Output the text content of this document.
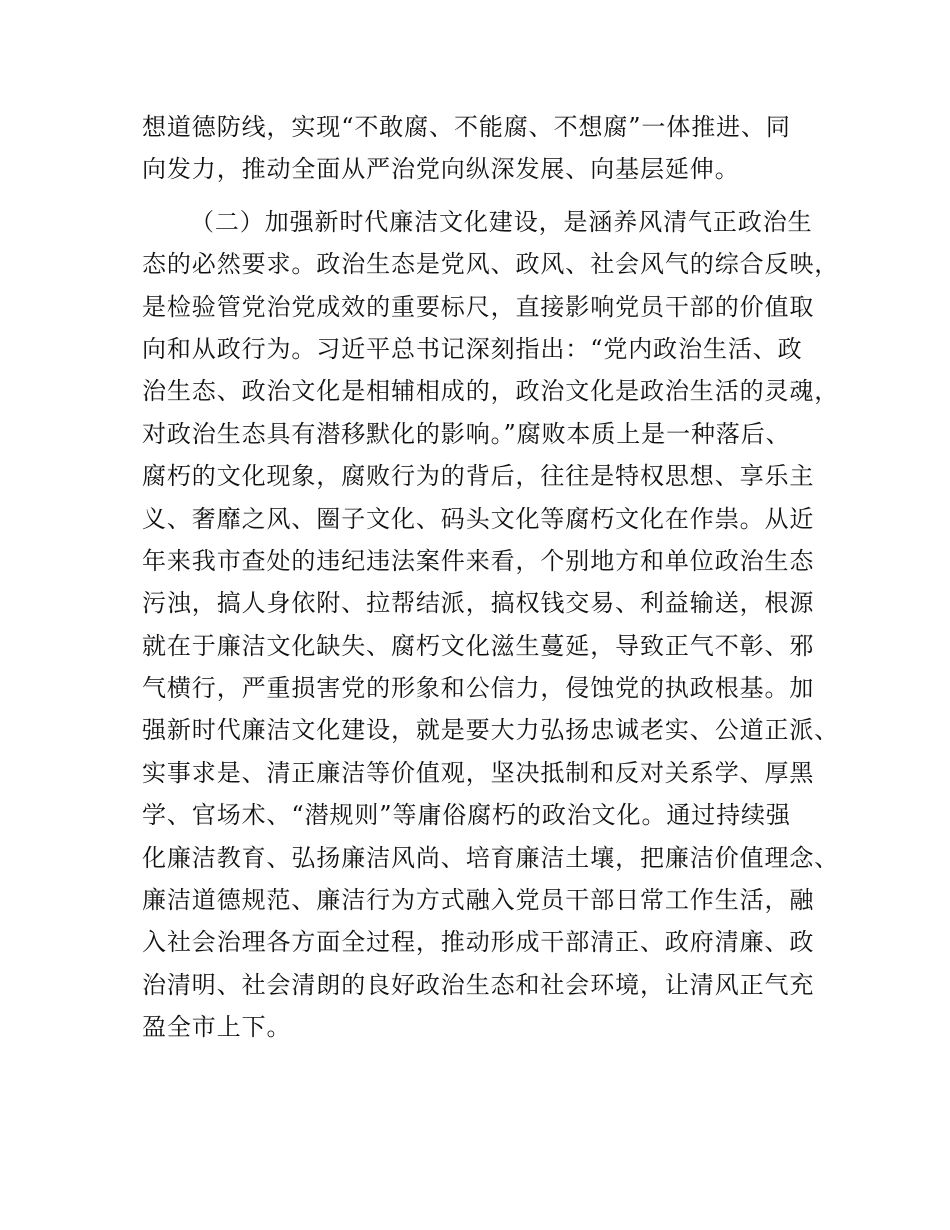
想道德防线，实现“不敢腐、不能腐、不想腐”一体推进、同
向发力，推动全面从严治党向纵深发展、向基层延伸。
（二）加强新时代廉洁文化建设，是涵养风清气正政治生
态的必然要求。政治生态是党风、政风、社会风气的综合反映，
是检验管党治党成效的重要标尺，直接影响党员干部的价值取
向和从政行为。习近平总书记深刻指出：“党内政治生活、政
治生态、政治文化是相辅相成的，政治文化是政治生活的灵魂，
对政治生态具有潜移默化的影响。”腐败本质上是一种落后、
腐朽的文化现象，腐败行为的背后，往往是特权思想、享乐主
义、奢靡之风、圈子文化、码头文化等腐朽文化在作祟。从近
年来我市查处的违纪违法案件来看，个别地方和单位政治生态
污浊，搞人身依附、拉帮结派，搞权钱交易、利益输送，根源
就在于廉洁文化缺失、腐朽文化滋生蔓延，导致正气不彰、邪
气横行，严重损害党的形象和公信力，侵蚀党的执政根基。加
强新时代廉洁文化建设，就是要大力弘扬忠诚老实、公道正派、
实事求是、清正廉洁等价值观，坚决抵制和反对关系学、厚黑
学、官场术、“潜规则”等庸俗腐朽的政治文化。通过持续强
化廉洁教育、弘扬廉洁风尚、培育廉洁土壤，把廉洁价值理念、
廉洁道德规范、廉洁行为方式融入党员干部日常工作生活，融
入社会治理各方面全过程，推动形成干部清正、政府清廉、政
治清明、社会清朗的良好政治生态和社会环境，让清风正气充
盈全市上下。
